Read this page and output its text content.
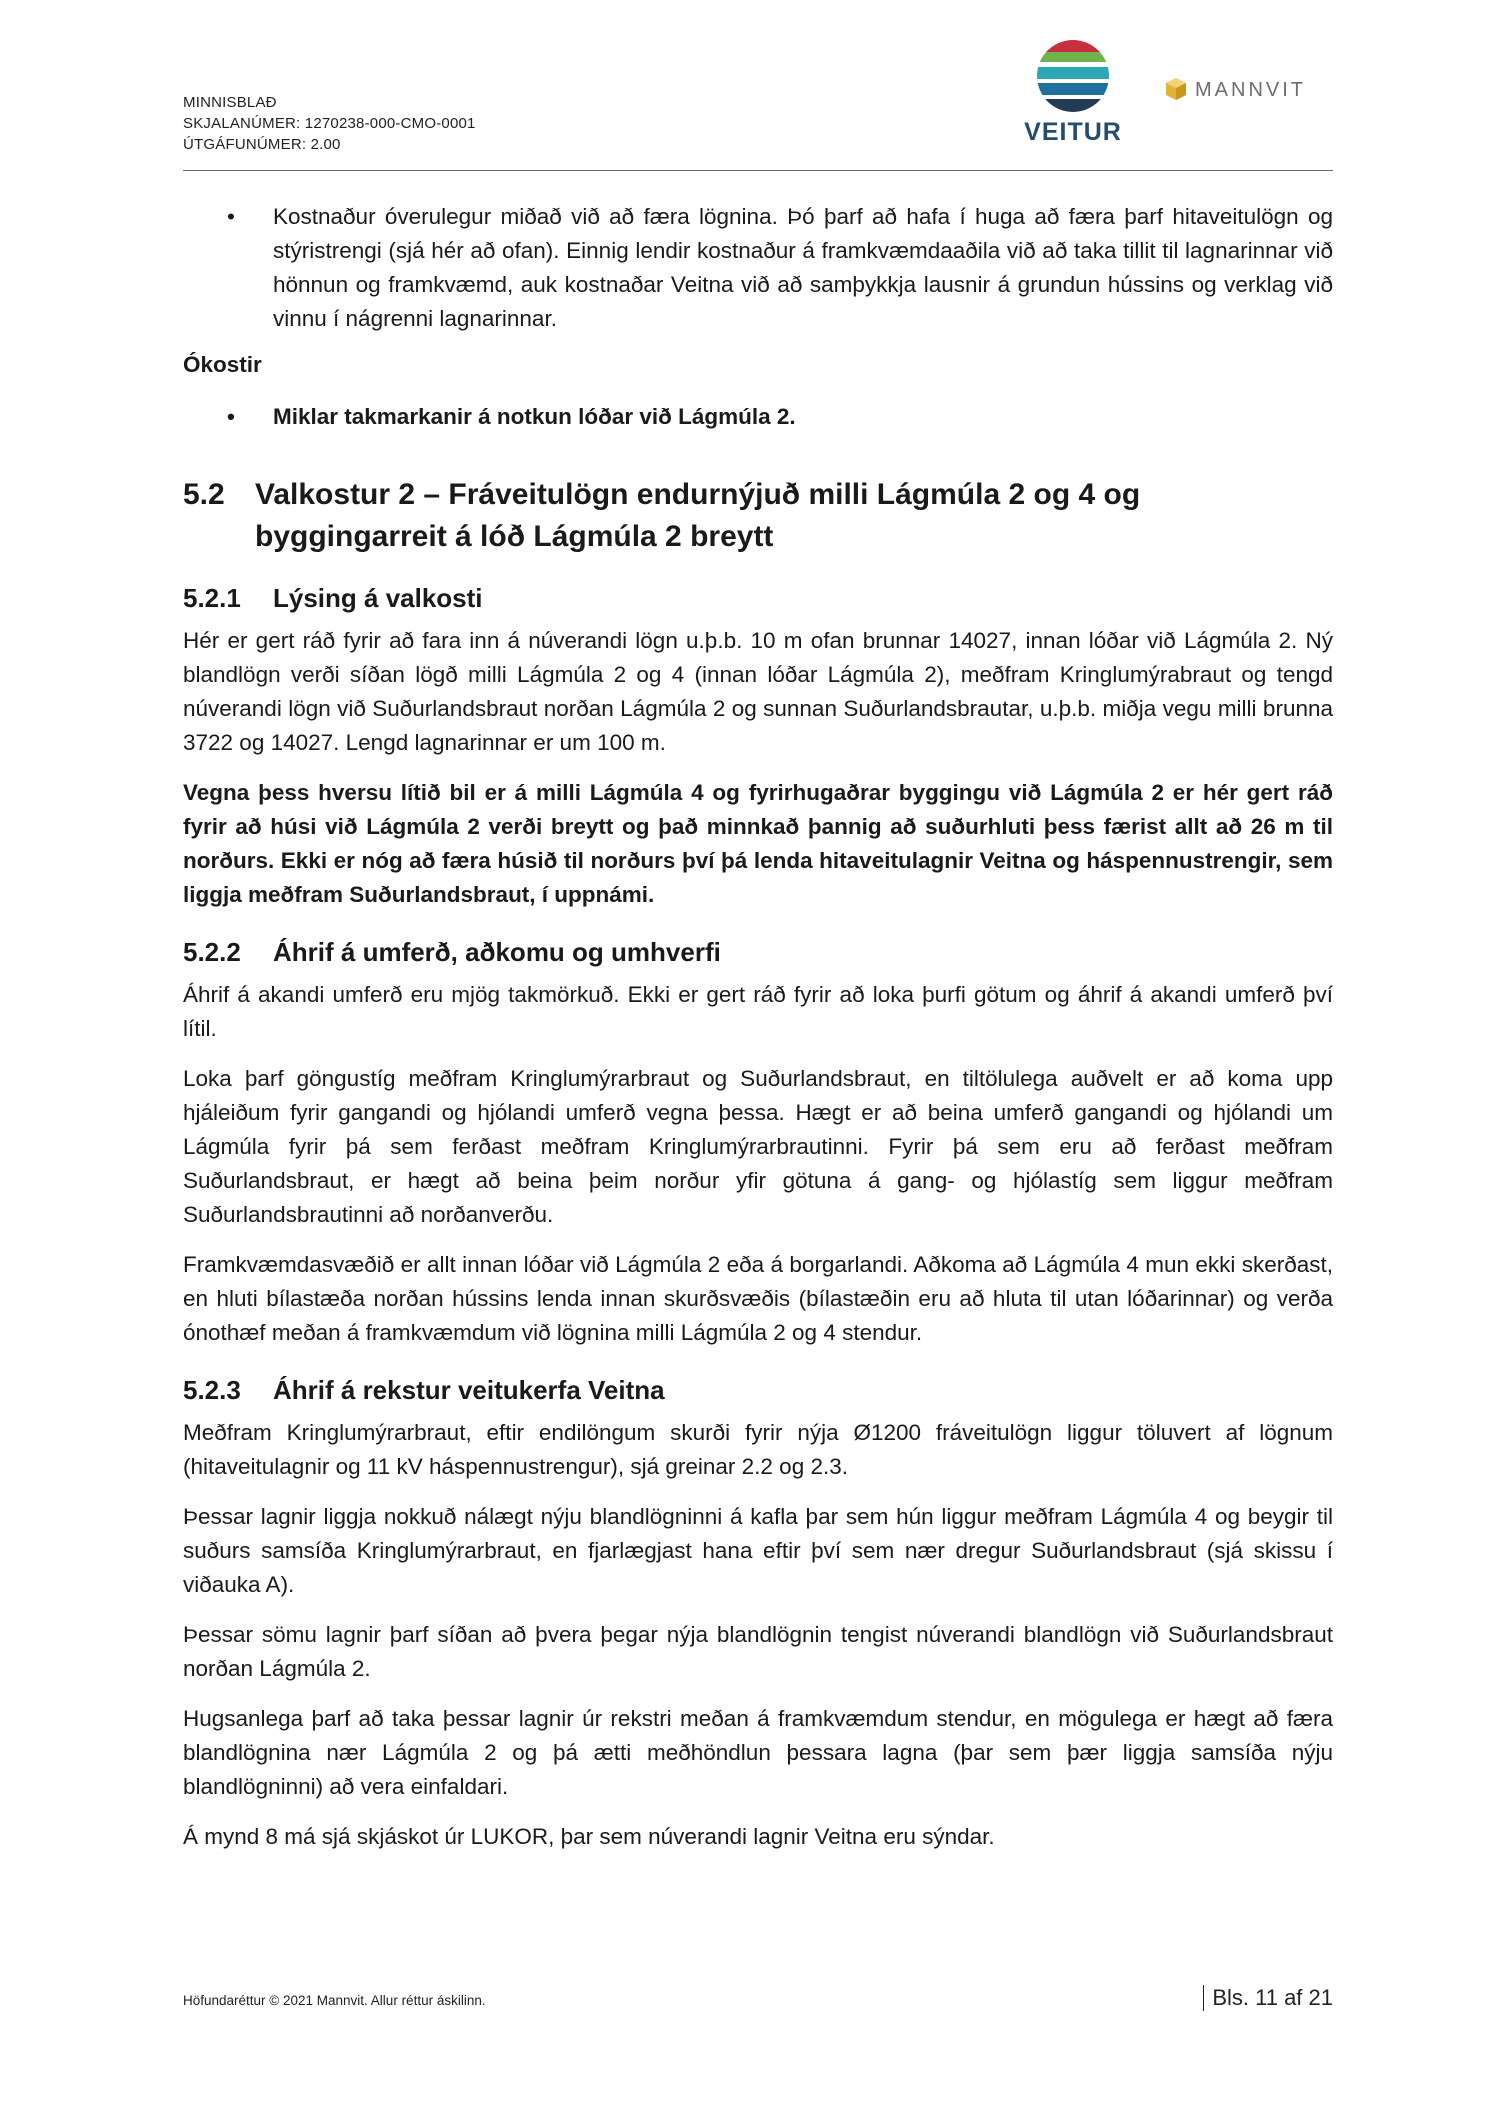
MINNISBLAÐ
SKJALANÚMER: 1270238-000-CMO-0001
ÚTGÁFUNÚMER: 2.00	VEITUR
MANNVIT
• Kostnaður óverulegur miðað við að færa lögnina. Þó þarf að hafa í huga að færa þarf hitaveitulögn og stýristrengi (sjá hér að ofan). Einnig lendir kostnaður á framkvæmdaaðila við að taka tillit til lagnarinnar við hönnun og framkvæmd, auk kostnaðar Veitna við að samþykkja lausnir á grundun hússins og verklag við vinnu í nágrenni lagnarinnar.

Ókostir

• Miklar takmarkanir á notkun lóðar við Lágmúla 2.
5.2	Valkostur 2 – Fráveitulögn endurnýjuð milli Lágmúla 2 og 4 og byggingarreit á lóð Lágmúla 2 breytt
5.2.1	Lýsing á valkosti

Hér er gert ráð fyrir að fara inn á núverandi lögn u.þ.b. 10 m ofan brunnar 14027, innan lóðar við Lágmúla 2. Ný blandlögn verði síðan lögð milli Lágmúla 2 og 4 (innan lóðar Lágmúla 2), meðfram Kringlumýrabraut og tengd núverandi lögn við Suðurlandsbraut norðan Lágmúla 2 og sunnan Suðurlandsbrautar, u.þ.b. miðja vegu milli brunna 3722 og 14027. Lengd lagnarinnar er um 100 m.

Vegna þess hversu lítið bil er á milli Lágmúla 4 og fyrirhugaðrar byggingu við Lágmúla 2 er hér gert ráð fyrir að húsi við Lágmúla 2 verði breytt og það minnkað þannig að suðurhluti þess færist allt að 26 m til norðurs. Ekki er nóg að færa húsið til norðurs því þá lenda hitaveitulagnir Veitna og háspennustrengir, sem liggja meðfram Suðurlandsbraut, í uppnámi.

5.2.2	Áhrif á umferð, aðkomu og umhverfi

Áhrif á akandi umferð eru mjög takmörkuð. Ekki er gert ráð fyrir að loka þurfi götum og áhrif á akandi umferð því lítil.

Loka þarf göngustíg meðfram Kringlumýrarbraut og Suðurlandsbraut, en tiltölulega auðvelt er að koma upp hjáleiðum fyrir gangandi og hjólandi umferð vegna þessa. Hægt er að beina umferð gangandi og hjólandi um Lágmúla fyrir þá sem ferðast meðfram Kringlumýrarbrautinni. Fyrir þá sem eru að ferðast meðfram Suðurlandsbraut, er hægt að beina þeim norður yfir götuna á gang- og hjólastíg sem liggur meðfram Suðurlandsbrautinni að norðanverðu.

Framkvæmdasvæðið er allt innan lóðar við Lágmúla 2 eða á borgarlandi. Aðkoma að Lágmúla 4 mun ekki skerðast, en hluti bílastæða norðan hússins lenda innan skurðsvæðis (bílastæðin eru að hluta til utan lóðarinnar) og verða ónothæf meðan á framkvæmdum við lögnina milli Lágmúla 2 og 4 stendur.

5.2.3	Áhrif á rekstur veitukerfa Veitna

Meðfram Kringlumýrarbraut, eftir endilöngum skurði fyrir nýja Ø1200 fráveitulögn liggur töluvert af lögnum (hitaveitulagnir og 11 kV háspennustrengur), sjá greinar 2.2 og 2.3.

Þessar lagnir liggja nokkuð nálægt nýju blandlögninni á kafla þar sem hún liggur meðfram Lágmúla 4 og beygir til suðurs samsíða Kringlumýrarbraut, en fjarlægjast hana eftir því sem nær dregur Suðurlandsbraut (sjá skissu í viðauka A).

Þessar sömu lagnir þarf síðan að þvera þegar nýja blandlögnin tengist núverandi blandlögn við Suðurlandsbraut norðan Lágmúla 2.

Hugsanlega þarf að taka þessar lagnir úr rekstri meðan á framkvæmdum stendur, en mögulega er hægt að færa blandlögnina nær Lágmúla 2 og þá ætti meðhöndlun þessara lagna (þar sem þær liggja samsíða nýju blandlögninni) að vera einfaldari.

Á mynd 8 má sjá skjáskot úr LUKOR, þar sem núverandi lagnir Veitna eru sýndar.

Höfundaréttur © 2021 Mannvit. Allur réttur áskilinn.	Bls. 11 af 21
